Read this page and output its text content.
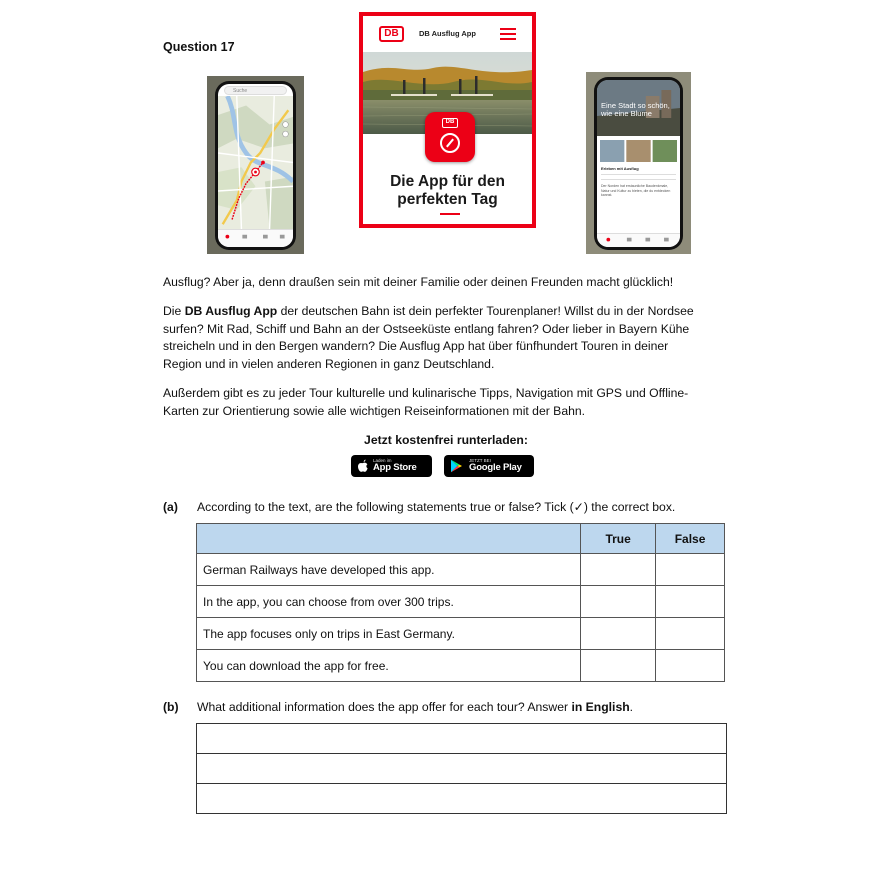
Question 17
Suche
DB	DB Ausflug App
DB
Die App für den
perfekten Tag
Eine Stadt so schön, wie eine Blume
Erleben mit Ausflug
Der Norden hat erstaunliche Baudenkmale, Natur und Kultur zu bieten, die du entdecken kannst.
Ausflug? Aber ja, denn draußen sein mit deiner Familie oder deinen Freunden macht glücklich!
Die DB Ausflug App der deutschen Bahn ist dein perfekter Tourenplaner! Willst du in der Nordsee
surfen? Mit Rad, Schiff und Bahn an der Ostseeküste entlang fahren? Oder lieber in Bayern Kühe
streicheln und in den Bergen wandern? Die Ausflug App hat über fünfhundert Touren in deiner
Region und in vielen anderen Regionen in ganz Deutschland.
Außerdem gibt es zu jeder Tour kulturelle und kulinarische Tipps, Navigation mit GPS und Offline-
Karten zur Orientierung sowie alle wichtigen Reiseinformationen mit der Bahn.
Jetzt kostenfrei runterladen:
Laden im
App Store
JETZT BEI
Google Play
(a) According to the text, are the following statements true or false? Tick (✓) the correct box.
	True	False
German Railways have developed this app.		
In the app, you can choose from over 300 trips.		
The app focuses only on trips in East Germany.		
You can download the app for free.		
(b) What additional information does the app offer for each tour? Answer in English.
